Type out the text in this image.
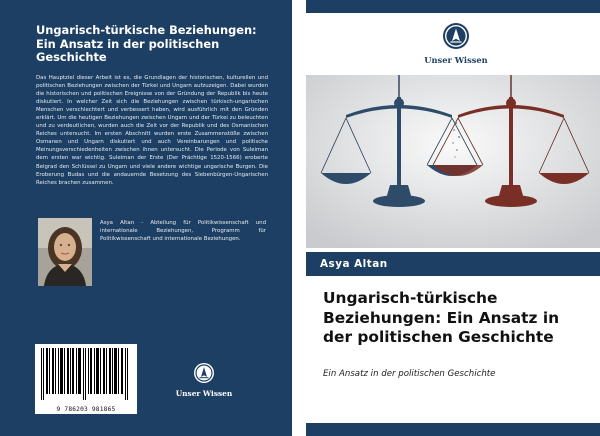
Ungarisch-türkische Beziehungen: Ein Ansatz in der politischen Geschichte
Das Hauptziel dieser Arbeit ist es, die Grundlagen der historischen, kulturellen und politischen Beziehungen zwischen der Türkei und Ungarn aufzuzeigen. Dabei wurden die historischen und politischen Ereignisse von der Gründung der Republik bis heute diskutiert. In welcher Zeit sich die Beziehungen zwischen türkisch-ungarischen Menschen verschlechtert und verbessert haben, wird ausführlich mit den Gründen erklärt. Um die heutigen Beziehungen zwischen Ungarn und der Türkei zu beleuchten und zu verdeutlichen, wurden auch die Zeit vor der Republik und des Osmanischen Reiches untersucht. Im ersten Abschnitt wurden erste Zusammenstöße zwischen Osmanen und Ungarn diskutiert und auch Vereinbarungen und politische Meinungsverschiedenheiten zwischen ihnen untersucht. Die Periode von Suleiman dem ersten war wichtig. Suleiman der Erste (Der Prächtige 1520-1566) eroberte Belgrad den Schlüssel zu Ungarn und viele andere wichtige ungarische Burgen. Die Eroberung Budas und die andauernde Besetzung des Siebenbürgen-Ungarischen Reiches brachen zusammen.
Asya Altan - Abteilung für Politikwissenschaft und internationale Beziehungen, Programm für Politikwissenschaft und internationale Beziehungen.
9 786203 981865
Unser Wissen
Unser Wissen
Asya Altan
Ungarisch-türkische Beziehungen: Ein Ansatz in der politischen Geschichte
Ein Ansatz in der politischen Geschichte
